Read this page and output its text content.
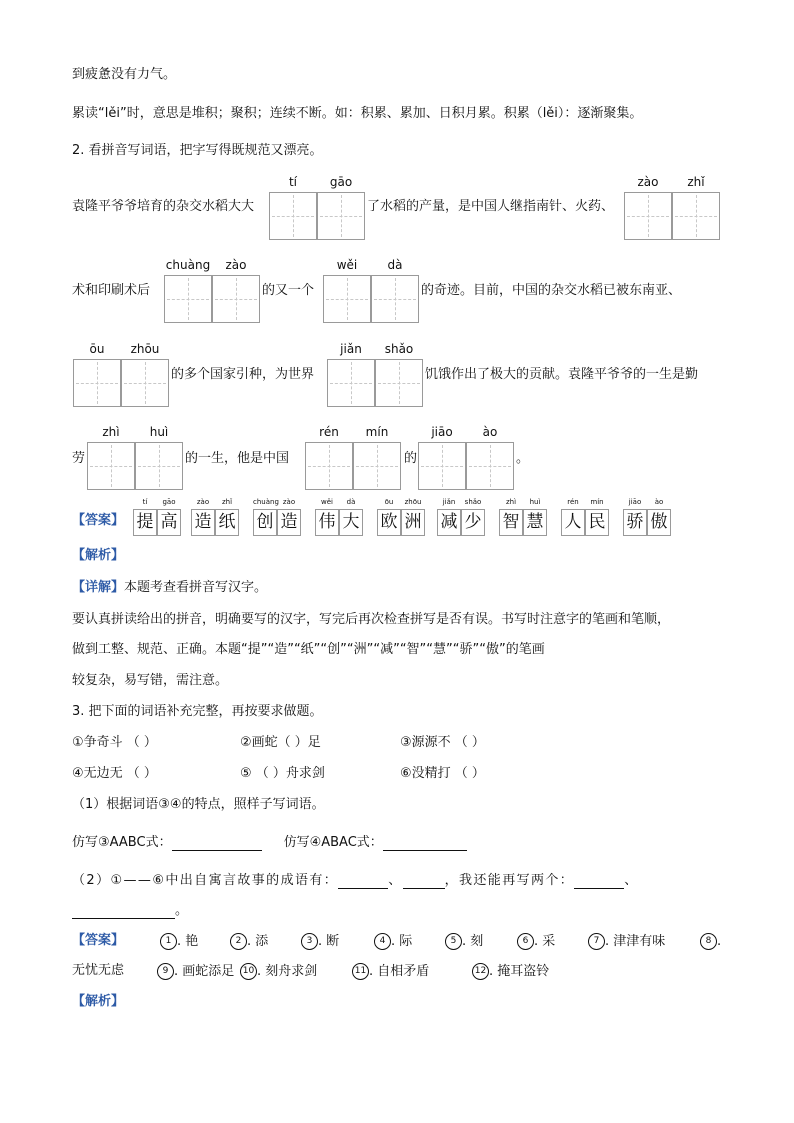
到疲惫没有力气。
累读“lěi”时，意思是堆积；聚积；连续不断。如：积累、累加、日积月累。积累（lěi）：逐渐聚集。
2. 看拼音写词语，把字写得既规范又漂亮。
袁隆平爷爷培育的杂交水稻大大
tí	gāo
了水稻的产量，是中国人继指南针、火药、
zào	zhǐ
术和印刷术后
chuàng	zào
的又一个
wěi	dà
的奇迹。目前，中国的杂交水稻已被东南亚、
ōu	zhōu
的多个国家引种，为世界
jiǎn	shǎo
饥饿作出了极大的贡献。袁隆平爷爷的一生是勤
劳
zhì	huì
的一生，他是中国
rén	mín
的
jiāo	ào
。
【答案】
tí
提
gāo
高
zào
造
zhǐ
纸
chuàng
创
zào
造
wěi
伟
dà
大
ōu
欧
zhōu
洲
jiǎn
减
shǎo
少
zhì
智
huì
慧
rén
人
mín
民
jiāo
骄
ào
傲
【解析】
【详解】本题考查看拼音写汉字。
要认真拼读给出的拼音，明确要写的汉字，写完后再次检查拼写是否有误。书写时注意字的笔画和笔顺，
做到工整、规范、正确。本题“提”“造”“纸”“创”“洲”“减”“智”“慧”“骄”“傲”的笔画
较复杂，易写错，需注意。
3. 把下面的词语补充完整，再按要求做题。
①争奇斗 （ ）	②画蛇（ ）足	③源源不 （ ）
④无边无 （ ）	⑤ （ ）舟求剑	⑥没精打 （ ）
（1）根据词语③④的特点，照样子写词语。
仿写③AABC式：	仿写④ABAC式：
（2）①——⑥中出自寓言故事的成语有：	、	，我还能再写两个：	、
。
【答案】	1 . 艳	2 . 添	3 . 断	4 . 际	5 . 刻	6 . 采	7 . 津津有味	8 .
无忧无虑	9 . 画蛇添足 10 . 刻舟求剑	11 . 自相矛盾	12 . 掩耳盗铃
【解析】
